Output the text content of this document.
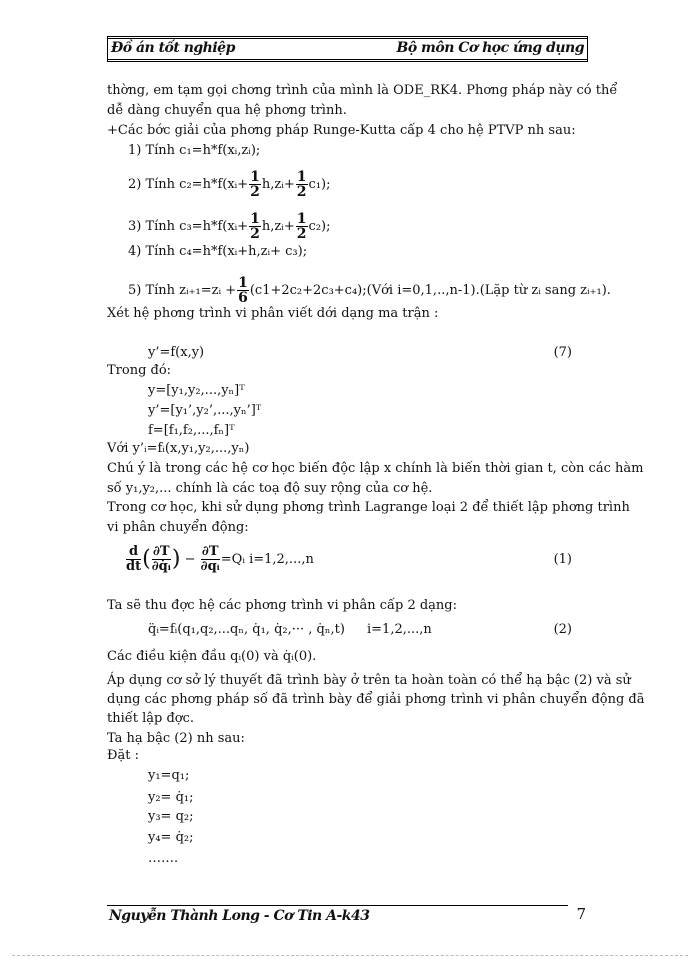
Đồ án tốt nghiệp	Bộ môn Cơ học ứng dụng
thờng, em tạm gọi chơng trình của mình là ODE_RK4. Phơng pháp này có thể
dễ dàng chuyển qua hệ phơng trình.
+Các bớc giải của phơng pháp Runge-Kutta cấp 4 cho hệ PTVP nh sau:
1) Tính c₁=h*f(xᵢ,zᵢ);
2) Tính c₂=h*f(xᵢ+ $\frac{1}{2}$ h,zᵢ+ $\frac{1}{2} c_1$);
3) Tính c₃=h*f(xᵢ+ $\frac{1}{2}$ h,zᵢ+ $\frac{1}{2} c_2$);
4) Tính c₄=h*f(xᵢ+h,zᵢ+ c₃);
5) Tính zᵢ₊₁=zᵢ + $\frac{1}{6}$ (c1+2c₂+2c₃+c₄);(Với i=0,1,..,n-1).(Lặp từ zᵢ sang zᵢ₊₁).
Xét hệ phơng trình vi phân viết dới dạng ma trận :
y’=f(x,y)	(7)
Trong đó:
y=[y₁,y₂,...,yₙ]ᵀ
y’=[y₁’,y₂’,...,yₙ’]ᵀ
f=[f₁,f₂,...,fₙ]ᵀ
Với y’ᵢ=fᵢ(x,y₁,y₂,...,yₙ)
Chú ý là trong các hệ cơ học biến độc lập x chính là biến thời gian t, còn các hàm
số y₁,y₂,... chính là các toạ độ suy rộng của cơ hệ.
Trong cơ học, khi sử dụng phơng trình Lagrange loại 2 để thiết lập phơng trình
vi phân chuyển động:
$\frac{d}{dt}$ ( $\frac{\partial T}{\text{∂q̇ᵢ}}$ ) − $\frac{\partial T}{\text{∂qᵢ}}$ =Qᵢ i=1,2,...,n	(1)
Ta sẽ thu đợc hệ các phơng trình vi phân cấp 2 dạng:
q̈ᵢ=fᵢ(q₁,q₂,...qₙ, q̇₁, q̇₂,··· , q̇ₙ,t) i=1,2,...,n	(2)
Các điều kiện đầu qᵢ(0) và q̇ᵢ(0).
Áp dụng cơ sở lý thuyết đã trình bày ở trên ta hoàn toàn có thể hạ bậc (2) và sử
dụng các phơng pháp số đã trình bày để giải phơng trình vi phân chuyển động đã
thiết lập đợc.
Ta hạ bậc (2) nh sau:
Đặt :
y₁=q₁;
y₂= q̇₁;
y₃= q₂;
y₄= q̇₂;
…….
Nguyễn Thành Long - Cơ Tin A-k43	7
